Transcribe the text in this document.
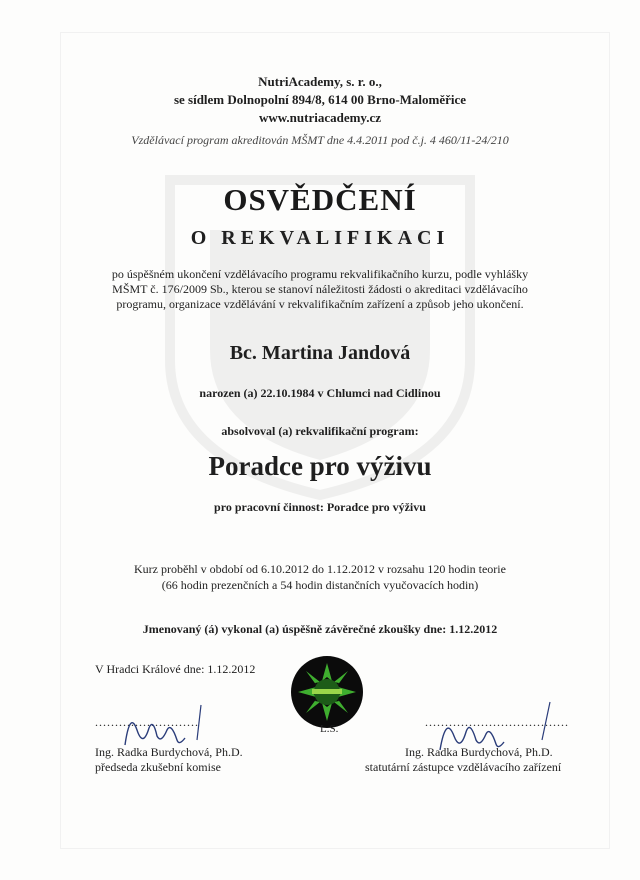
NutriAcademy, s. r. o.,
se sídlem Dolnopolní 894/8, 614 00 Brno-Maloměřice
www.nutriacademy.cz
Vzdělávací program akreditován MŠMT dne 4.4.2011 pod č.j. 4 460/11-24/210
OSVĚDČENÍ
O REKVALIFIKACI
po úspěšném ukončení vzdělávacího programu rekvalifikačního kurzu, podle vyhlášky
MŠMT č. 176/2009 Sb., kterou se stanoví náležitosti žádosti o akreditaci vzdělávacího
programu, organizace vzdělávání v rekvalifikačním zařízení a způsob jeho ukončení.
Bc. Martina Jandová
narozen (a) 22.10.1984 v Chlumci nad Cidlinou
absolvoval (a) rekvalifikační program:
Poradce pro výživu
pro pracovní činnost: Poradce pro výživu
Kurz proběhl v období od 6.10.2012 do 1.12.2012 v rozsahu 120 hodin teorie
(66 hodin prezenčních a 54 hodin distančních vyučovacích hodin)
Jmenovaný (á) vykonal (a) úspěšně závěrečné zkoušky dne: 1.12.2012
V Hradci Králové dne: 1.12.2012
L.S.
..........................
Ing. Radka Burdychová, Ph.D.
předseda zkušební komise
....................................
Ing. Radka Burdychová, Ph.D.
statutární zástupce vzdělávacího zařízení
